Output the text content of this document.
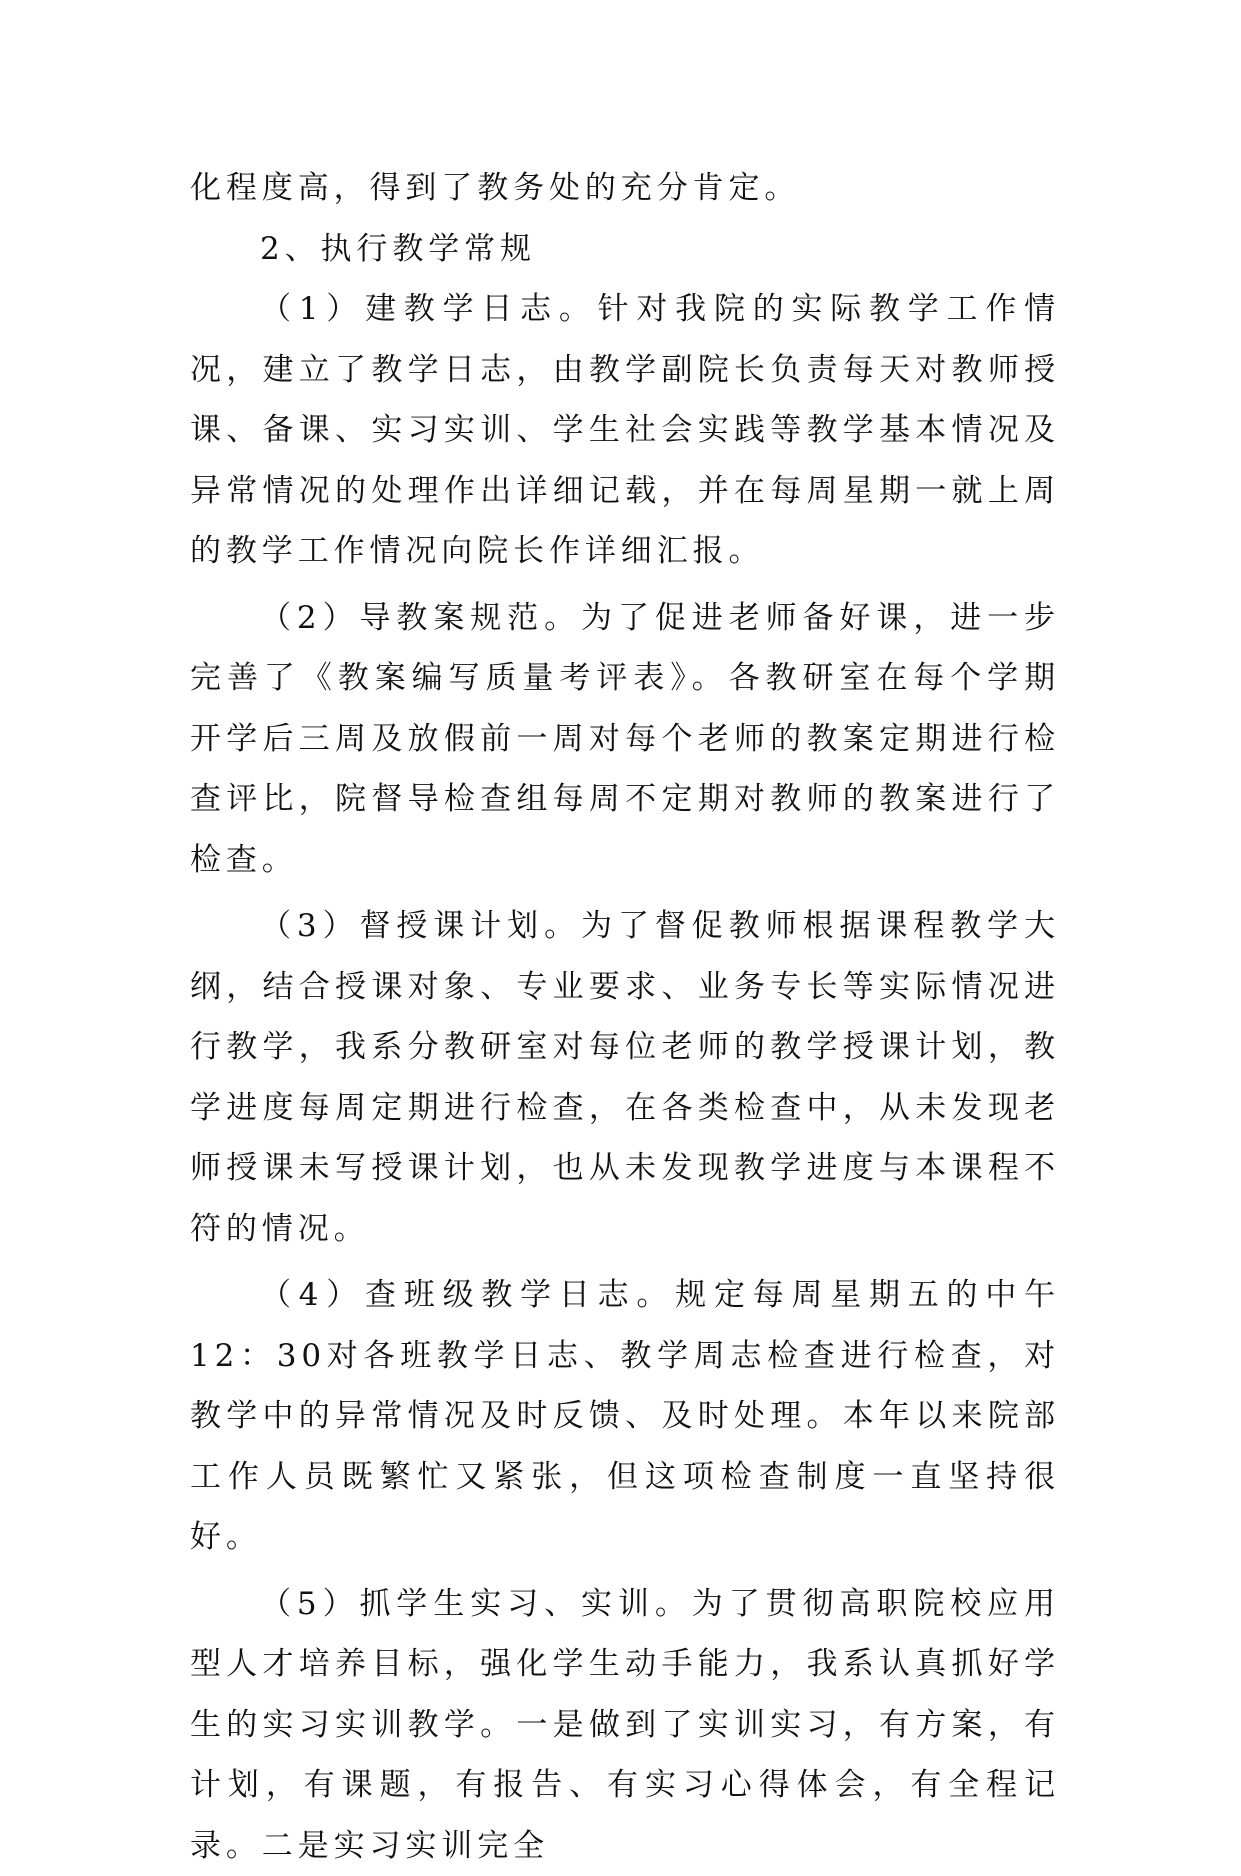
化程度高，得到了教务处的充分肯定。

2、执行教学常规

（1）建教学日志。针对我院的实际教学工作情况，建立了教学日志，由教学副院长负责每天对教师授课、备课、实习实训、学生社会实践等教学基本情况及异常情况的处理作出详细记载，并在每周星期一就上周的教学工作情况向院长作详细汇报。

（2）导教案规范。为了促进老师备好课，进一步完善了《教案编写质量考评表》。各教研室在每个学期开学后三周及放假前一周对每个老师的教案定期进行检查评比，院督导检查组每周不定期对教师的教案进行了检查。

（3）督授课计划。为了督促教师根据课程教学大纲，结合授课对象、专业要求、业务专长等实际情况进行教学，我系分教研室对每位老师的教学授课计划，教学进度每周定期进行检查，在各类检查中，从未发现老师授课未写授课计划，也从未发现教学进度与本课程不符的情况。

（4）查班级教学日志。规定每周星期五的中午 12：30对各班教学日志、教学周志检查进行检查，对教学中的异常情况及时反馈、及时处理。本年以来院部工作人员既繁忙又紧张，但这项检查制度一直坚持很好。

（5）抓学生实习、实训。为了贯彻高职院校应用型人才培养目标，强化学生动手能力，我系认真抓好学生的实习实训教学。一是做到了实训实习，有方案，有计划，有课题，有报告、有实习心得体会，有全程记录。二是实习实训完全
